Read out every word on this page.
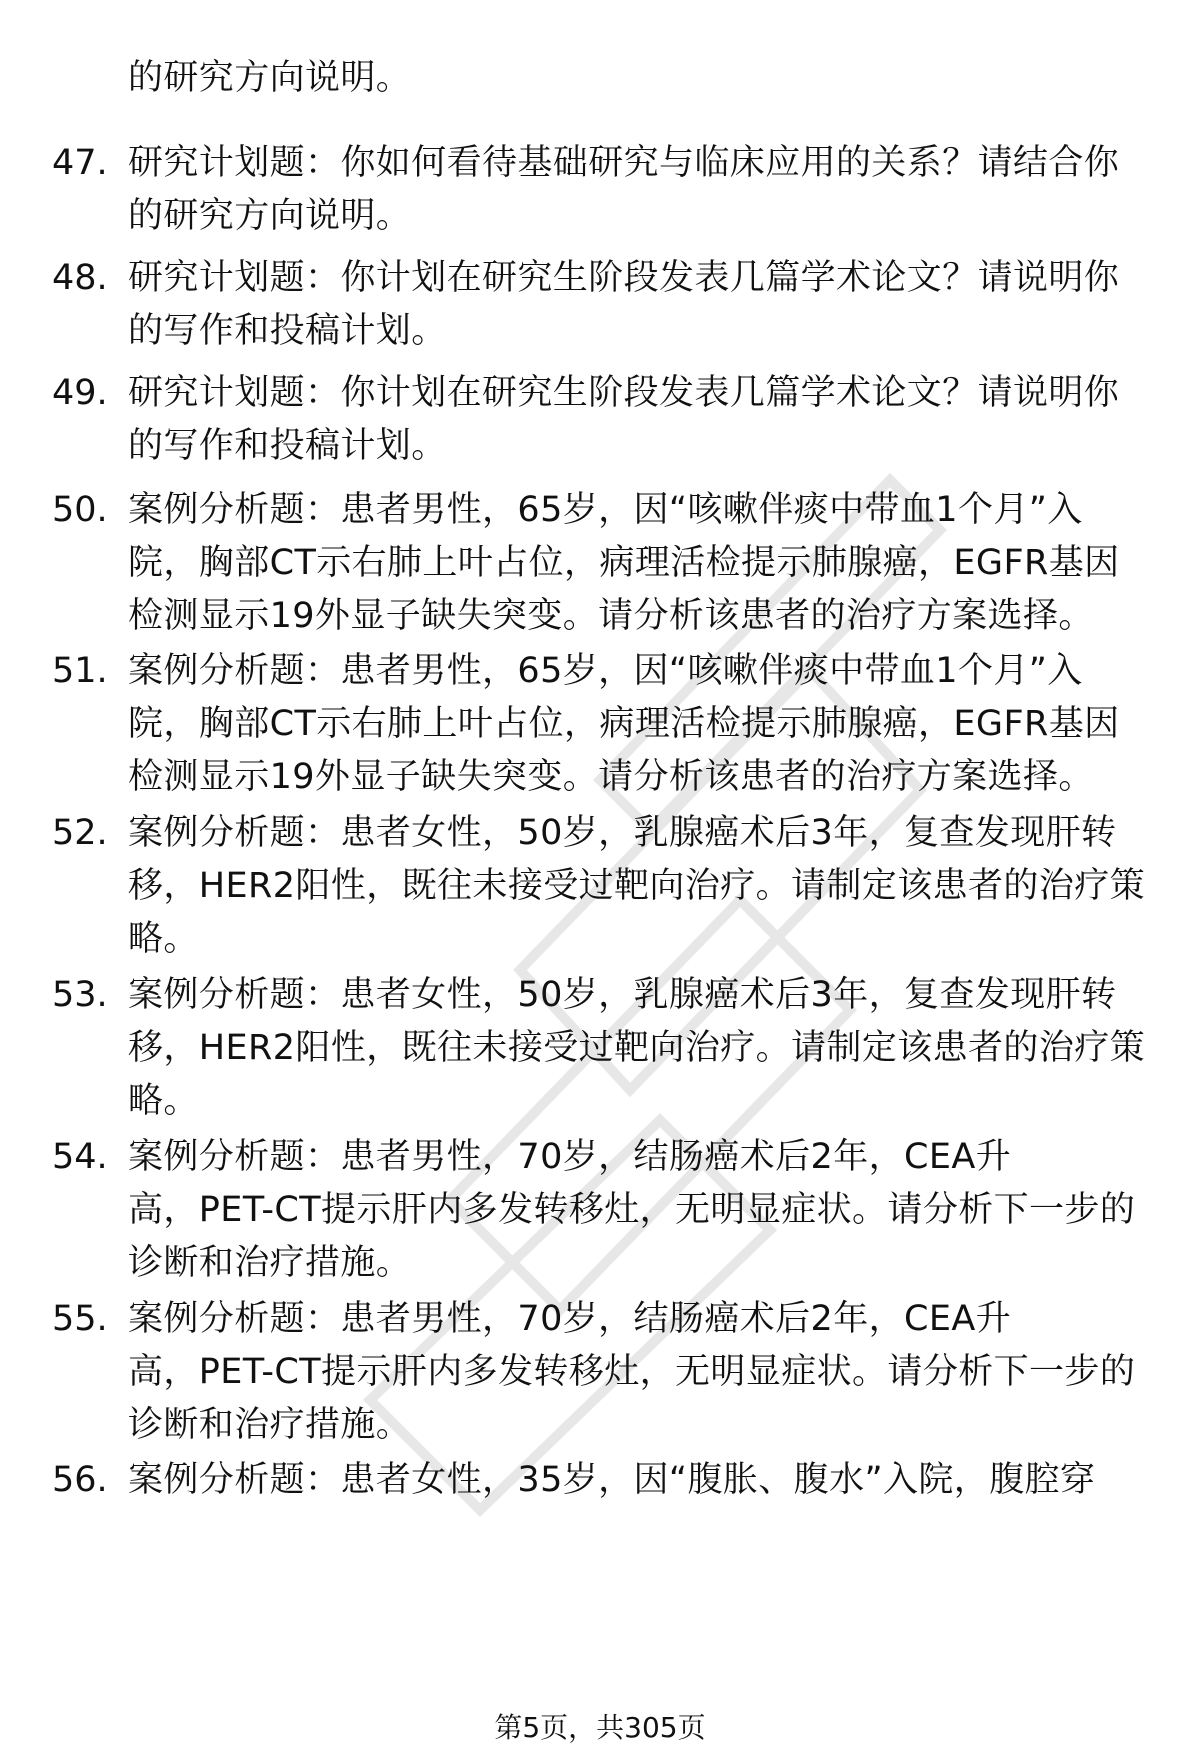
的研究方向说明。
47. 研究计划题：你如何看待基础研究与临床应用的关系？请结合你
的研究方向说明。
48. 研究计划题：你计划在研究生阶段发表几篇学术论文？请说明你
的写作和投稿计划。
49. 研究计划题：你计划在研究生阶段发表几篇学术论文？请说明你
的写作和投稿计划。
50. 案例分析题：患者男性，65岁，因“咳嗽伴痰中带血1个月”入
院，胸部CT示右肺上叶占位，病理活检提示肺腺癌，EGFR基因
检测显示19外显子缺失突变。请分析该患者的治疗方案选择。
51. 案例分析题：患者男性，65岁，因“咳嗽伴痰中带血1个月”入
院，胸部CT示右肺上叶占位，病理活检提示肺腺癌，EGFR基因
检测显示19外显子缺失突变。请分析该患者的治疗方案选择。
52. 案例分析题：患者女性，50岁，乳腺癌术后3年，复查发现肝转
移，HER2阳性，既往未接受过靶向治疗。请制定该患者的治疗策
略。
53. 案例分析题：患者女性，50岁，乳腺癌术后3年，复查发现肝转
移，HER2阳性，既往未接受过靶向治疗。请制定该患者的治疗策
略。
54. 案例分析题：患者男性，70岁，结肠癌术后2年，CEA升
高，PET-CT提示肝内多发转移灶，无明显症状。请分析下一步的
诊断和治疗措施。
55. 案例分析题：患者男性，70岁，结肠癌术后2年，CEA升
高，PET-CT提示肝内多发转移灶，无明显症状。请分析下一步的
诊断和治疗措施。
56. 案例分析题：患者女性，35岁，因“腹胀、腹水”入院，腹腔穿
第5页，共305页
